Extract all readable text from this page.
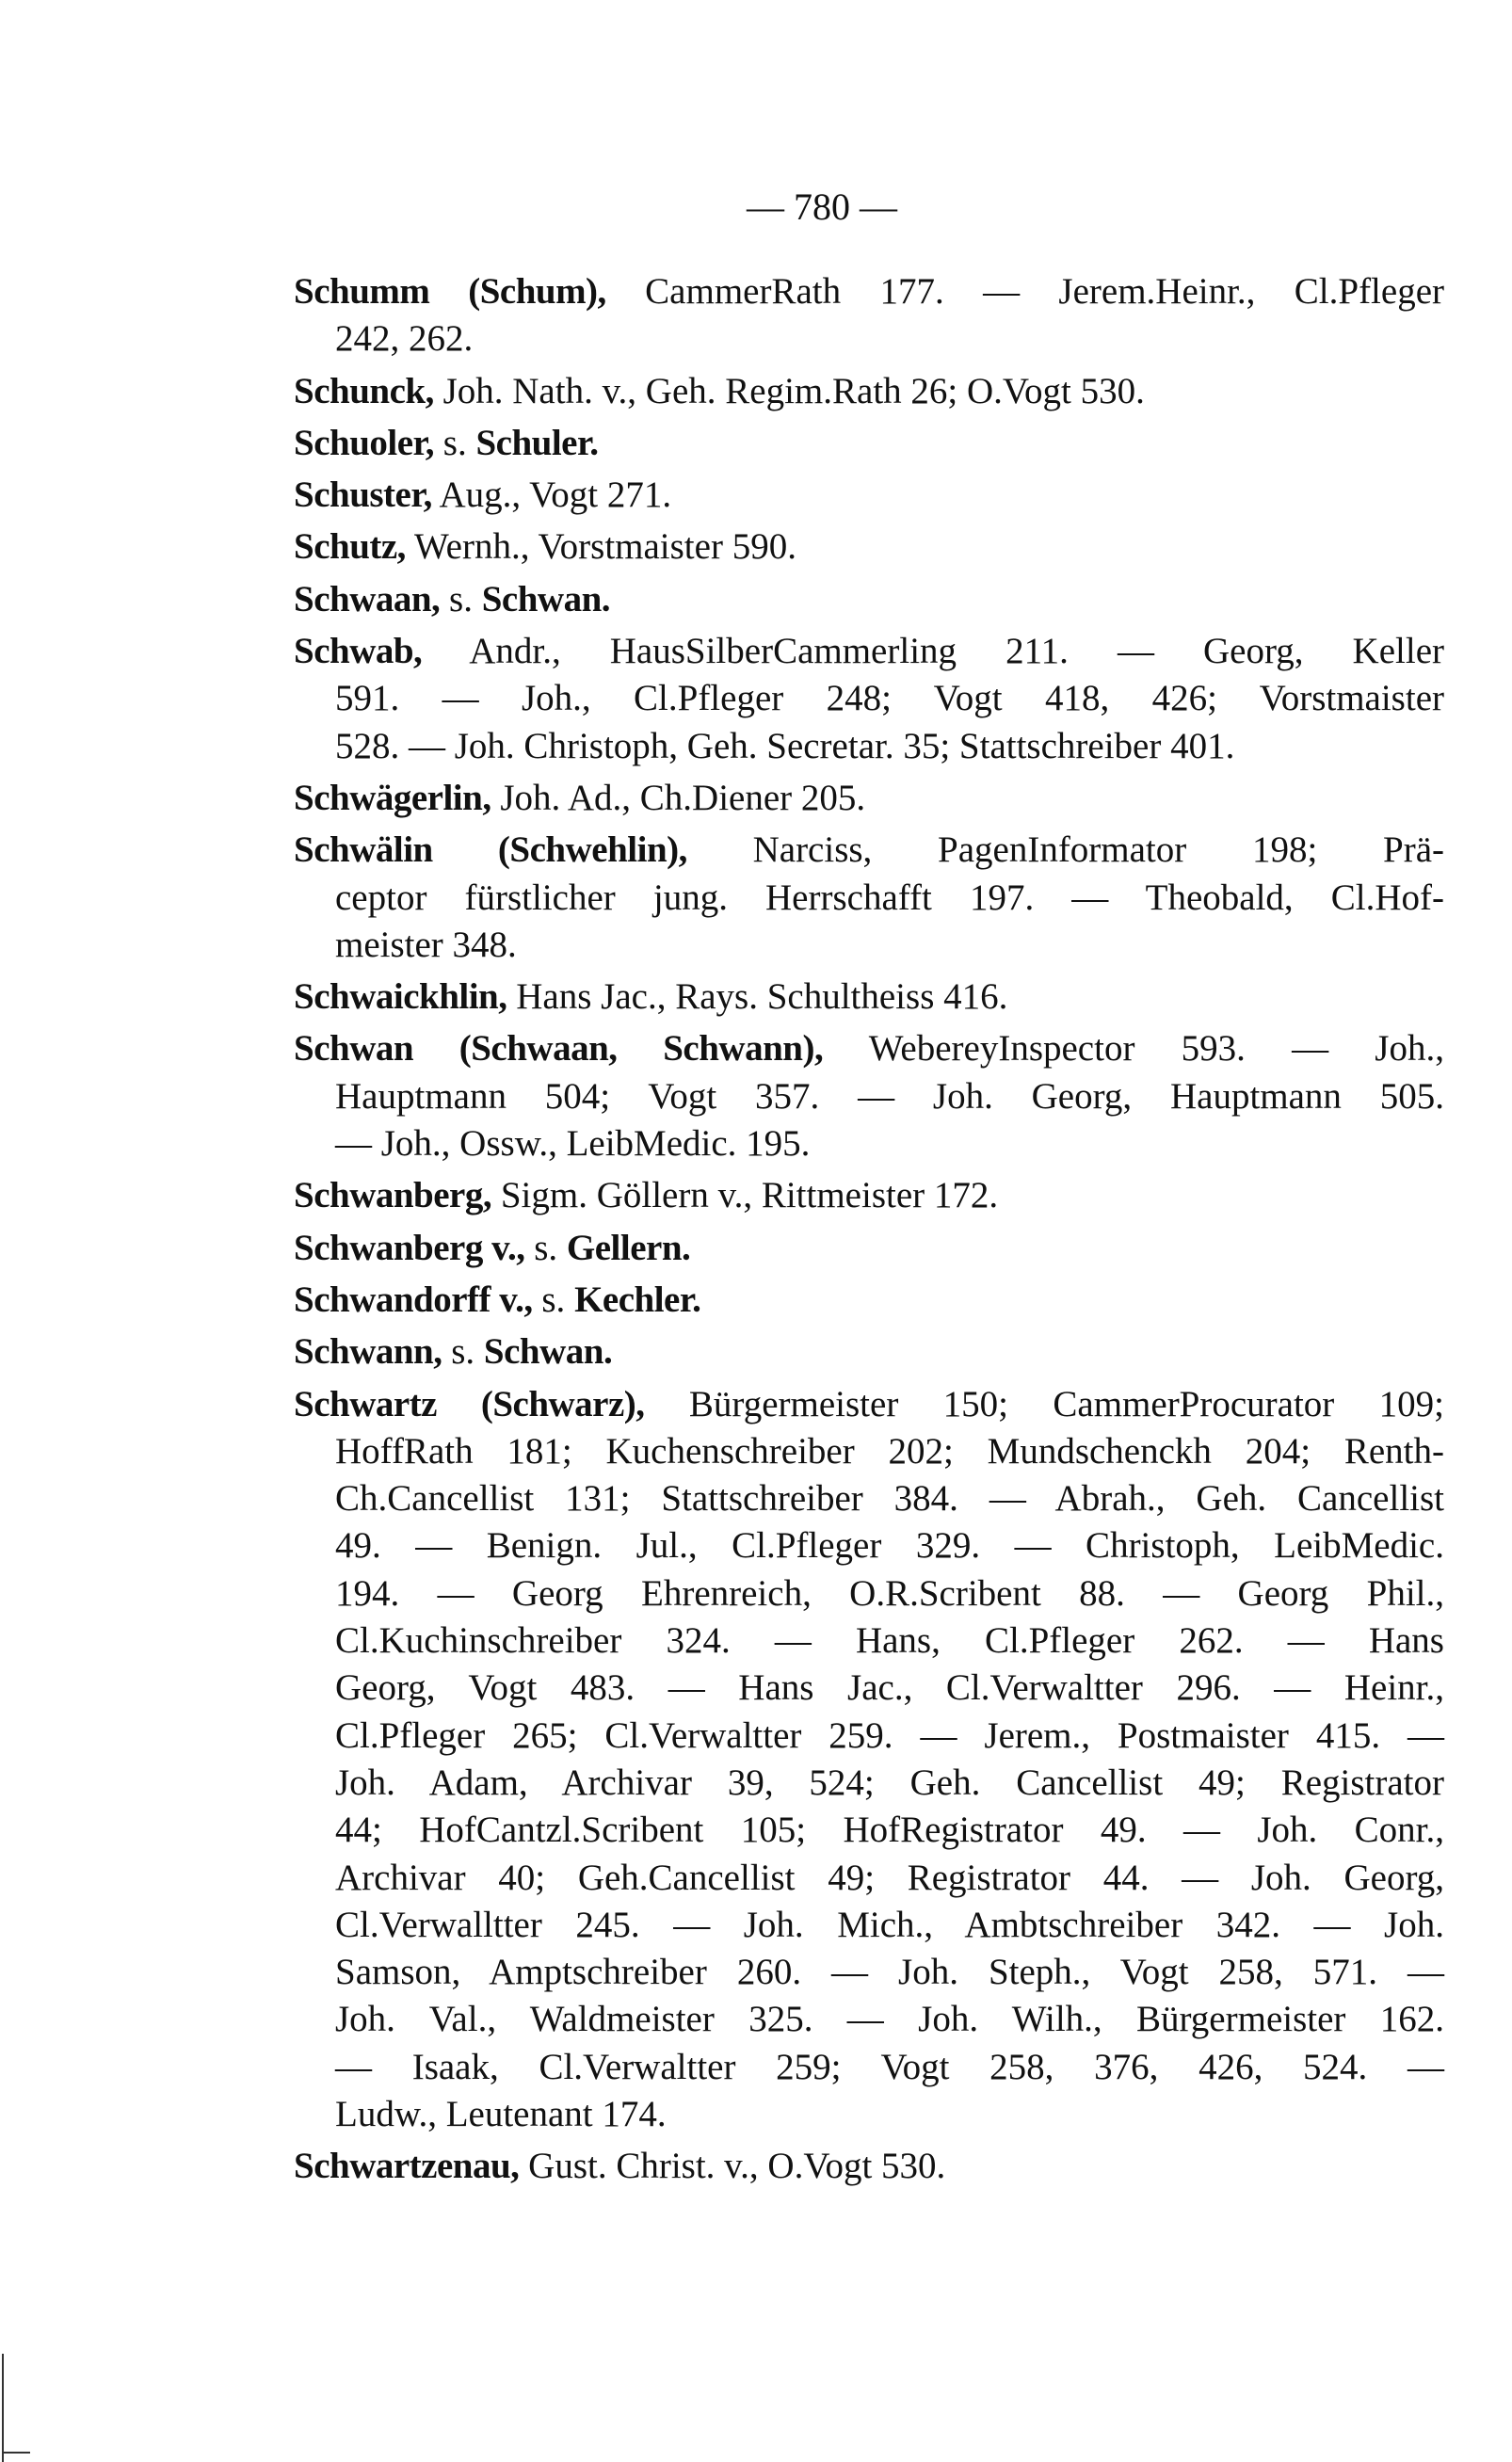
— 780 —
Schumm (Schum), CammerRath 177. — Jerem.Heinr., Cl.Pfleger
242, 262.
Schunck, Joh. Nath. v., Geh. Regim.Rath 26; O.Vogt 530.
Schuoler, s. Schuler.
Schuster, Aug., Vogt 271.
Schutz, Wernh., Vorstmaister 590.
Schwaan, s. Schwan.
Schwab, Andr., HausSilberCammerling 211. — Georg, Keller
591. — Joh., Cl.Pfleger 248; Vogt 418, 426; Vorstmaister
528. — Joh. Christoph, Geh. Secretar. 35; Stattschreiber 401.
Schwägerlin, Joh. Ad., Ch.Diener 205.
Schwälin (Schwehlin), Narciss, PagenInformator 198; Prä-
ceptor fürstlicher jung. Herrschafft 197. — Theobald, Cl.Hof-
meister 348.
Schwaickhlin, Hans Jac., Rays. Schultheiss 416.
Schwan (Schwaan, Schwann), WebereyInspector 593. — Joh.,
Hauptmann 504; Vogt 357. — Joh. Georg, Hauptmann 505.
— Joh., Ossw., LeibMedic. 195.
Schwanberg, Sigm. Göllern v., Rittmeister 172.
Schwanberg v., s. Gellern.
Schwandorff v., s. Kechler.
Schwann, s. Schwan.
Schwartz (Schwarz), Bürgermeister 150; CammerProcurator 109;
HoffRath 181; Kuchenschreiber 202; Mundschenckh 204; Renth-
Ch.Cancellist 131; Stattschreiber 384. — Abrah., Geh. Cancellist
49. — Benign. Jul., Cl.Pfleger 329. — Christoph, LeibMedic.
194. — Georg Ehrenreich, O.R.Scribent 88. — Georg Phil.,
Cl.Kuchinschreiber 324. — Hans, Cl.Pfleger 262. — Hans
Georg, Vogt 483. — Hans Jac., Cl.Verwaltter 296. — Heinr.,
Cl.Pfleger 265; Cl.Verwaltter 259. — Jerem., Postmaister 415. —
Joh. Adam, Archivar 39, 524; Geh. Cancellist 49; Registrator
44; HofCantzl.Scribent 105; HofRegistrator 49. — Joh. Conr.,
Archivar 40; Geh.Cancellist 49; Registrator 44. — Joh. Georg,
Cl.Verwalltter 245. — Joh. Mich., Ambtschreiber 342. — Joh.
Samson, Amptschreiber 260. — Joh. Steph., Vogt 258, 571. —
Joh. Val., Waldmeister 325. — Joh. Wilh., Bürgermeister 162.
— Isaak, Cl.Verwaltter 259; Vogt 258, 376, 426, 524. —
Ludw., Leutenant 174.
Schwartzenau, Gust. Christ. v., O.Vogt 530.
